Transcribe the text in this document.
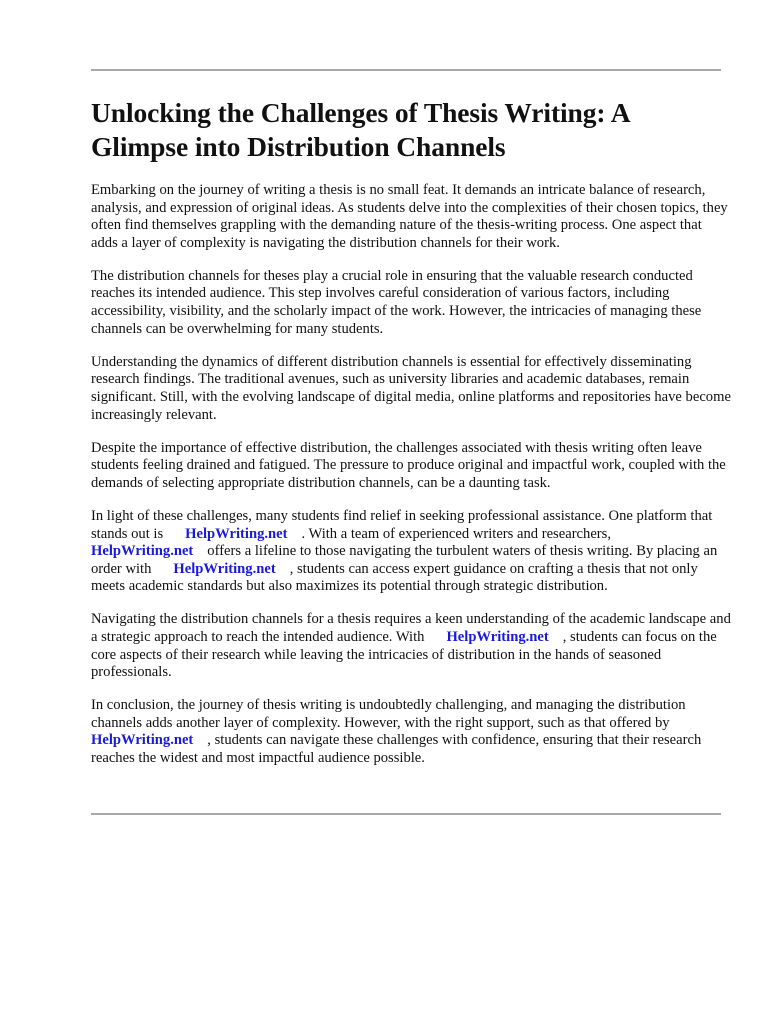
Unlocking the Challenges of Thesis Writing: A Glimpse into Distribution Channels

Embarking on the journey of writing a thesis is no small feat. It demands an intricate balance of research, analysis, and expression of original ideas. As students delve into the complexities of their chosen topics, they often find themselves grappling with the demanding nature of the thesis-writing process. One aspect that adds a layer of complexity is navigating the distribution channels for their work.

The distribution channels for theses play a crucial role in ensuring that the valuable research conducted reaches its intended audience. This step involves careful consideration of various factors, including accessibility, visibility, and the scholarly impact of the work. However, the intricacies of managing these channels can be overwhelming for many students.

Understanding the dynamics of different distribution channels is essential for effectively disseminating research findings. The traditional avenues, such as university libraries and academic databases, remain significant. Still, with the evolving landscape of digital media, online platforms and repositories have become increasingly relevant.

Despite the importance of effective distribution, the challenges associated with thesis writing often leave students feeling drained and fatigued. The pressure to produce original and impactful work, coupled with the demands of selecting appropriate distribution channels, can be a daunting task.

In light of these challenges, many students find relief in seeking professional assistance. One platform that stands out is HelpWriting.net . With a team of experienced writers and researchers,HelpWriting.net offers a lifeline to those navigating the turbulent waters of thesis writing. By placing an order with HelpWriting.net , students can access expert guidance on crafting a thesis that not only meets academic standards but also maximizes its potential through strategic distribution.

Navigating the distribution channels for a thesis requires a keen understanding of the academic landscape and a strategic approach to reach the intended audience. With HelpWriting.net , students can focus on the core aspects of their research while leaving the intricacies of distribution in the hands of seasoned professionals.

In conclusion, the journey of thesis writing is undoubtedly challenging, and managing the distribution channels adds another layer of complexity. However, with the right support, such as that offered byHelpWriting.net , students can navigate these challenges with confidence, ensuring that their research reaches the widest and most impactful audience possible.
